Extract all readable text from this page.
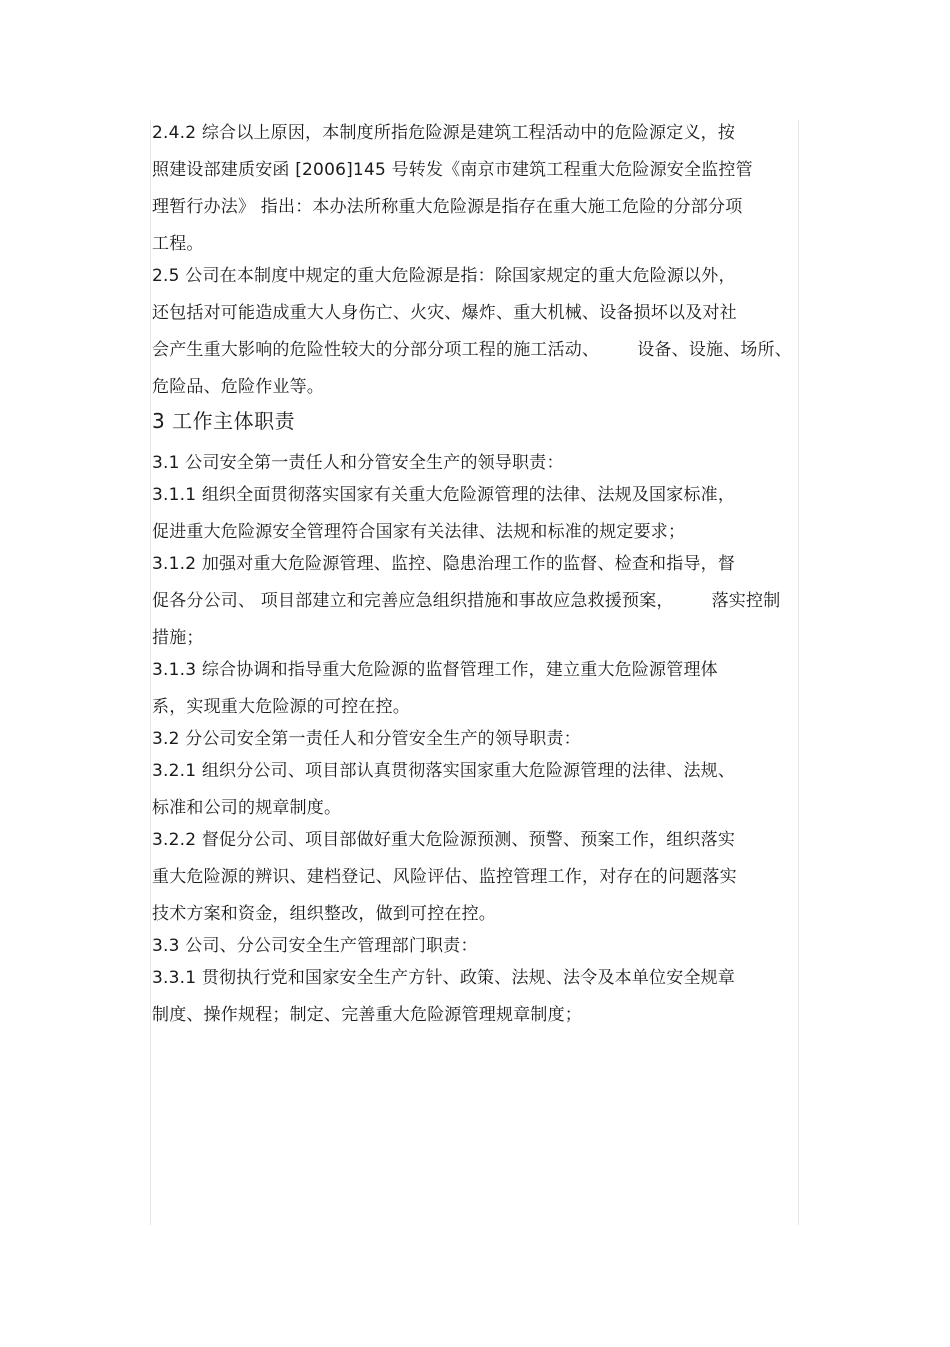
2.4.2 综合以上原因，本制度所指危险源是建筑工程活动中的危险源定义，按
照建设部建质安函 [2006]145 号转发《南京市建筑工程重大危险源安全监控管
理暂行办法》 指出：本办法所称重大危险源是指存在重大施工危险的分部分项
工程。
2.5 公司在本制度中规定的重大危险源是指：除国家规定的重大危险源以外，
还包括对可能造成重大人身伤亡、火灾、爆炸、重大机械、设备损坏以及对社
会产生重大影响的危险性较大的分部分项工程的施工活动、 设备、设施、场所、
危险品、危险作业等。
3 工作主体职责
3.1 公司安全第一责任人和分管安全生产的领导职责：
3.1.1 组织全面贯彻落实国家有关重大危险源管理的法律、法规及国家标准，
促进重大危险源安全管理符合国家有关法律、法规和标准的规定要求；
3.1.2 加强对重大危险源管理、监控、隐患治理工作的监督、检查和指导，督
促各分公司、 项目部建立和完善应急组织措施和事故应急救援预案， 落实控制
措施；
3.1.3 综合协调和指导重大危险源的监督管理工作，建立重大危险源管理体
系，实现重大危险源的可控在控。
3.2 分公司安全第一责任人和分管安全生产的领导职责：
3.2.1 组织分公司、项目部认真贯彻落实国家重大危险源管理的法律、法规、
标准和公司的规章制度。
3.2.2 督促分公司、项目部做好重大危险源预测、预警、预案工作，组织落实
重大危险源的辨识、建档登记、风险评估、监控管理工作，对存在的问题落实
技术方案和资金，组织整改，做到可控在控。
3.3 公司、分公司安全生产管理部门职责：
3.3.1 贯彻执行党和国家安全生产方针、政策、法规、法令及本单位安全规章
制度、操作规程；制定、完善重大危险源管理规章制度；
